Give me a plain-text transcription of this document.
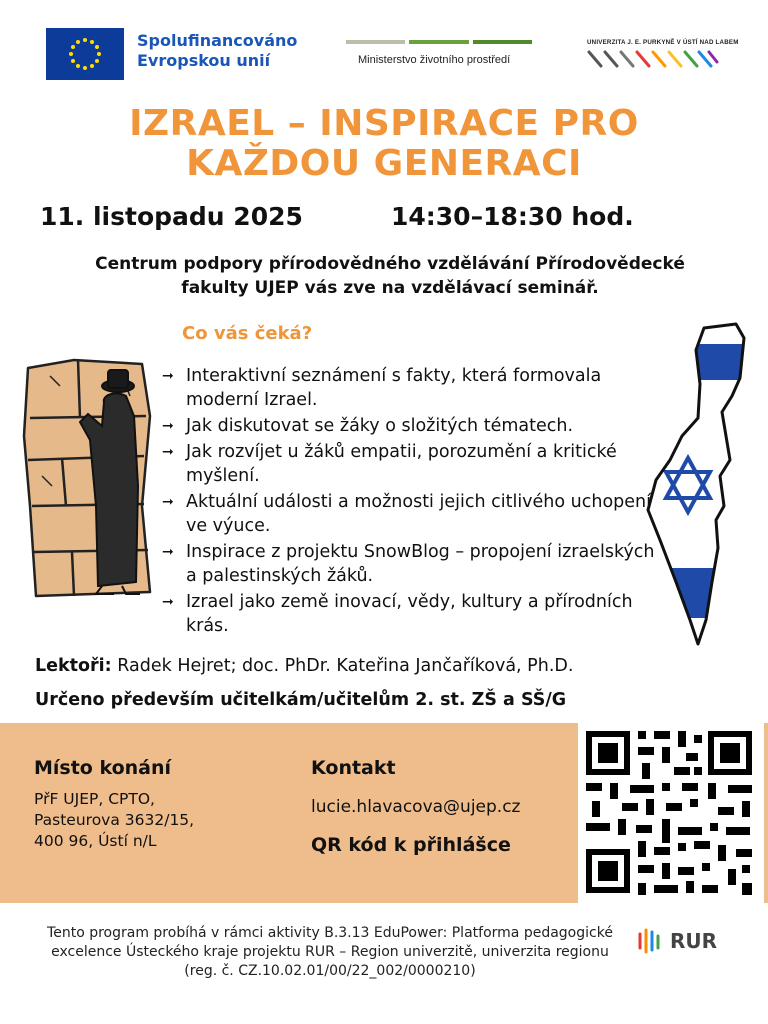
Spolufinancováno
Evropskou unií	Ministerstvo životního prostředí
UNIVERZITA J. E. PURKYNĚ V ÚSTÍ NAD LABEM
IZRAEL – INSPIRACE PRO
KAŽDOU GENERACI
11. listopadu 2025	14:30–18:30 hod.
Centrum podpory přírodovědného vzdělávání Přírodovědecké
fakulty UJEP vás zve na vzdělávací seminář.
Co vás čeká?
➞ Interaktivní seznámení s fakty, která formovala moderní Izrael.
➞ Jak diskutovat se žáky o složitých tématech.
➞ Jak rozvíjet u žáků empatii, porozumění a kritické myšlení.
➞ Aktuální události a možnosti jejich citlivého uchopení ve výuce.
➞ Inspirace z projektu SnowBlog – propojení izraelských a palestinských žáků.
➞ Izrael jako země inovací, vědy, kultury a přírodních krás.
Lektoři: Radek Hejret; doc. PhDr. Kateřina Jančaříková, Ph.D.
Určeno především učitelkám/učitelům 2. st. ZŠ a SŠ/G
Místo konání
PřF UJEP, CPTO,
Pasteurova 3632/15,
400 96, Ústí n/L
Kontakt
lucie.hlavacova@ujep.cz
QR kód k přihlášce
Tento program probíhá v rámci aktivity B.3.13 EduPower: Platforma pedagogické excelence Ústeckého kraje projektu RUR – Region univerzitě, univerzita regionu (reg. č. CZ.10.02.01/00/22_002/0000210)
RUR
